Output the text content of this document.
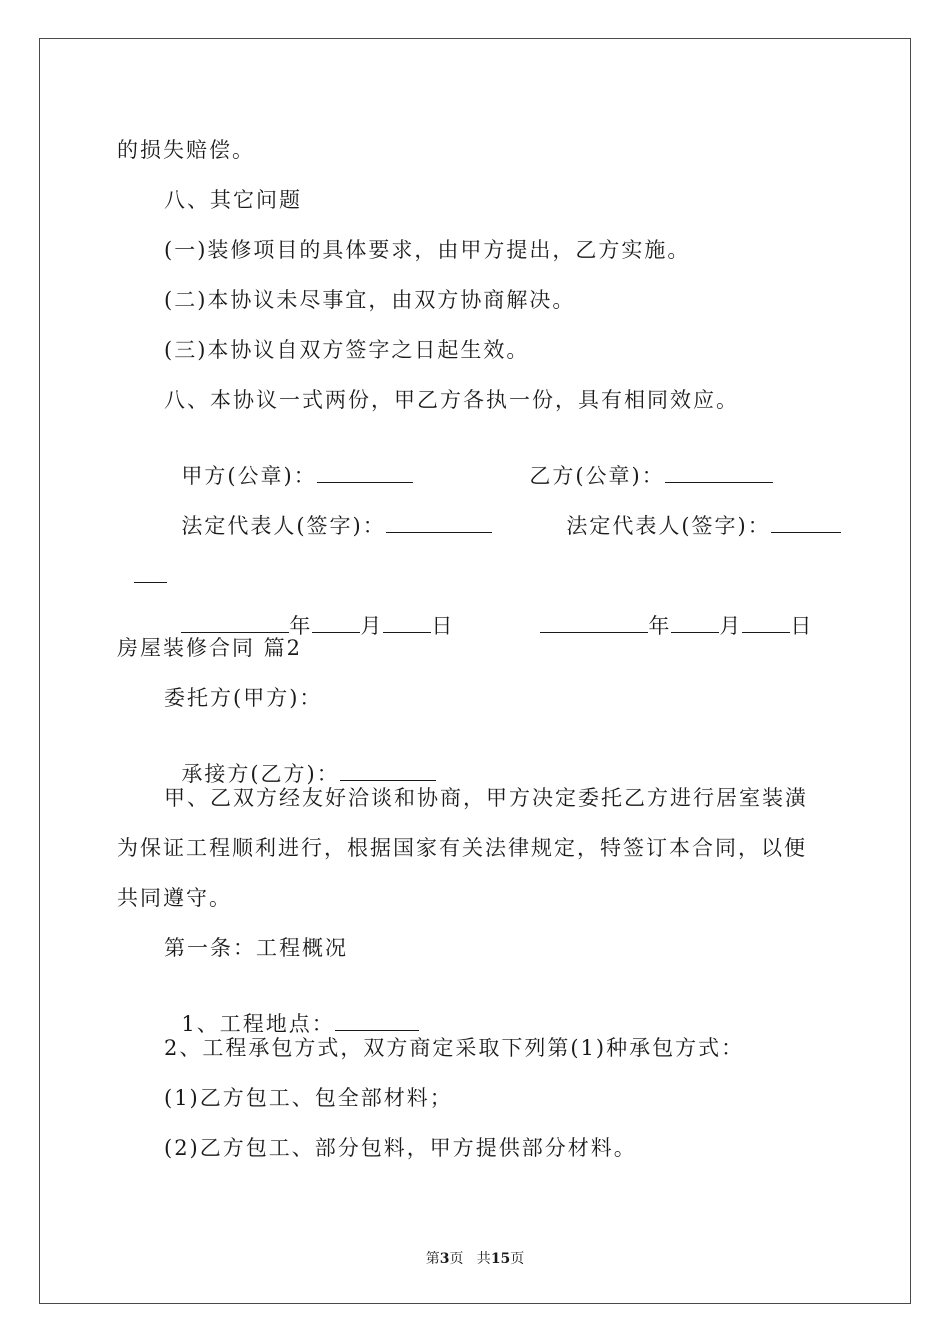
的损失赔偿。
八、其它问题
(一)装修项目的具体要求，由甲方提出，乙方实施。
(二)本协议未尽事宜，由双方协商解决。
(三)本协议自双方签字之日起生效。
八、本协议一式两份，甲乙方各执一份，具有相同效应。

甲方(公章)：	乙方(公章)：

法定代表人(签字)：	法定代表人(签字)：

年 月 日	年 月 日

房屋装修合同 篇2
委托方(甲方)：

承接方(乙方)：

甲、乙双方经友好洽谈和协商，甲方决定委托乙方进行居室装潢
为保证工程顺利进行，根据国家有关法律规定，特签订本合同，以便
共同遵守。
第一条：工程概况

1、工程地点：

2、工程承包方式，双方商定采取下列第(1)种承包方式：
(1)乙方包工、包全部材料；
(2)乙方包工、部分包料，甲方提供部分材料。
第3页   共15页
